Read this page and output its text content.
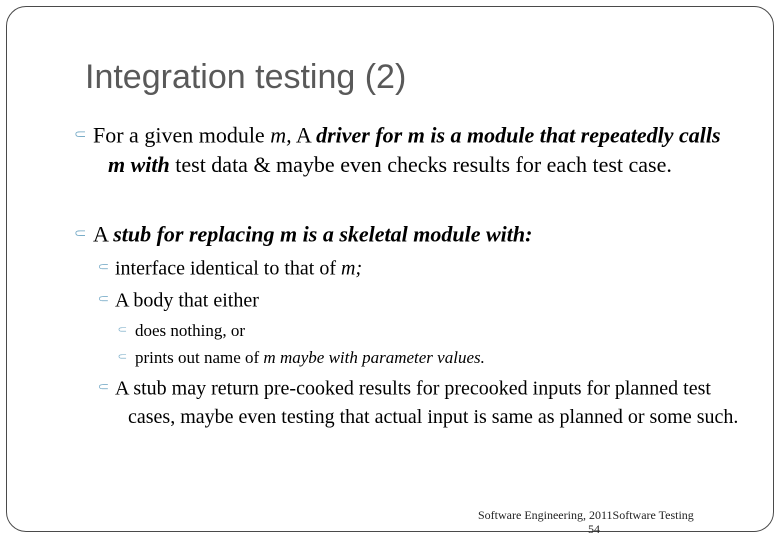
Integration testing (2)
For a given module m, A driver for m is a module that repeatedly calls m with test data & maybe even checks results for each test case.
A stub for replacing m is a skeletal module with:
interface identical to that of m;
A body that either
does nothing, or
prints out name of m maybe with parameter values.
A stub may return pre-cooked results for precooked inputs for planned test cases, maybe even testing that actual input is same as planned or some such.
Software Engineering, 2011Software Testing
54
